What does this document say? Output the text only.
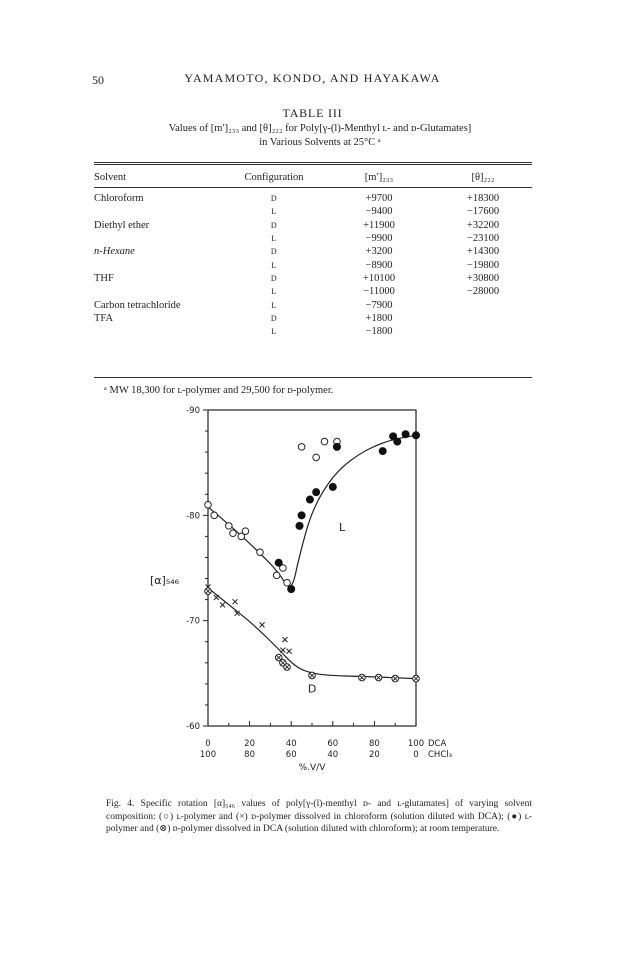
50	YAMAMOTO, KONDO, AND HAYAKAWA
TABLE III
Values of [m′]₂₃₃ and [θ]₂₂₂ for Poly[γ-(l)-Menthyl ʟ- and ᴅ-Glutamates]
in Various Solvents at 25°C ᵃ
Solvent	Configuration	[m′]₂₃₃	[θ]₂₂₂

Chloroform	D	+9700	+18300
	L	−9400	−17600
Diethyl ether	D	+11900	+32200
	L	−9900	−23100
n-Hexane	D	+3200	+14300
	L	−8900	−19800
THF	D	+10100	+30800
	L	−11000	−28000
Carbon tetrachloride	L	−7900	
TFA	D	+1800	
	L	−1800	
ᵃ MW 18,300 for ʟ-polymer and 29,500 for ᴅ-polymer.
-90
-80
-70
-60
0	20	40	60	80	100
100	80	60	40	20	0
DCA
CHCl₃
%.V/V
[α]₅₄₆
L
D
Fig. 4. Specific rotation [α]₅₄₆ values of poly[γ-(l)-menthyl ᴅ- and ʟ-glutamates] of varying solvent composition: (○) ʟ-polymer and (×) ᴅ-polymer dissolved in chloroform (solution diluted with DCA); (●) ʟ-polymer and (⊗) ᴅ-polymer dissolved in DCA (solution diluted with chloroform); at room temperature.
